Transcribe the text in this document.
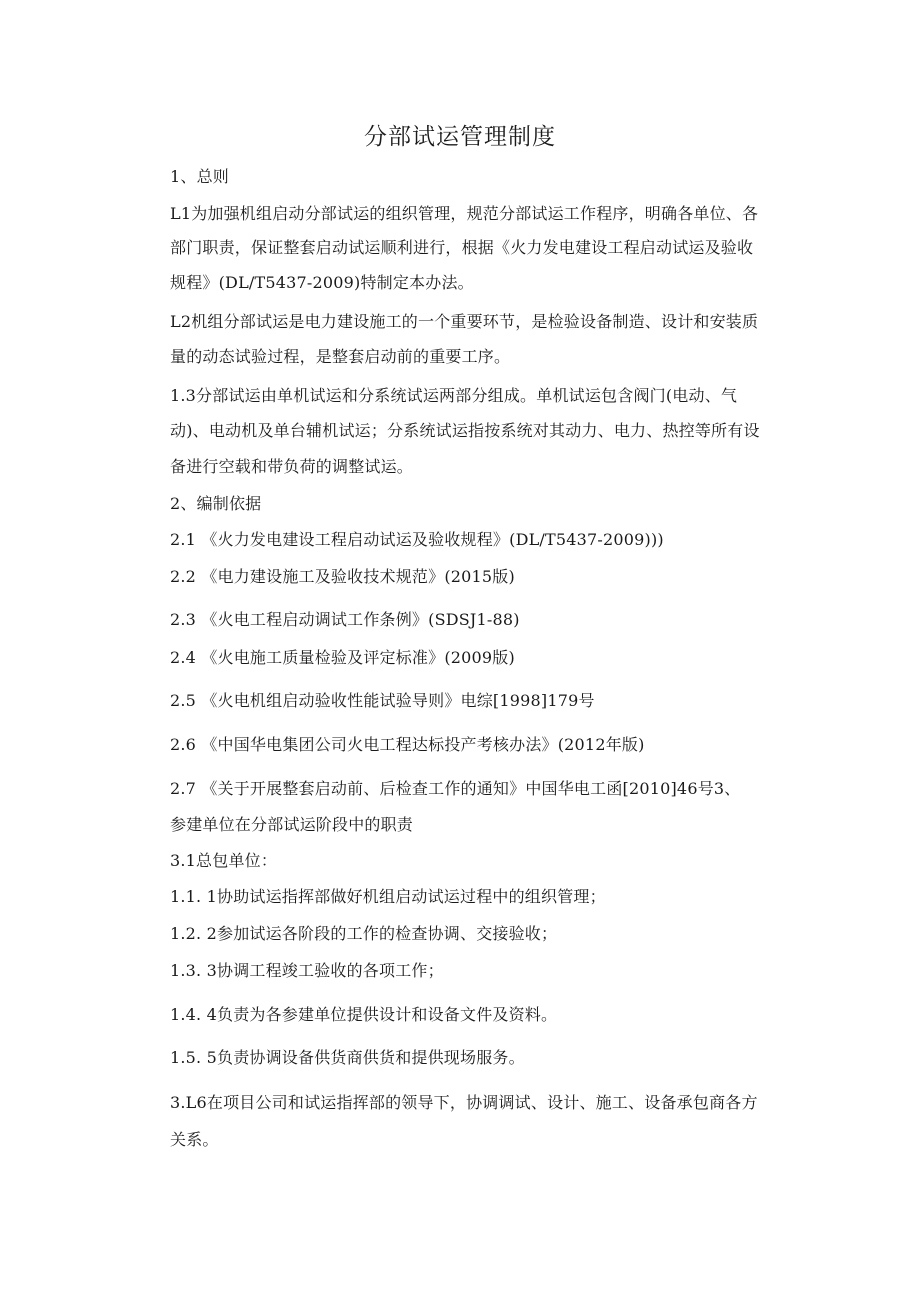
分部试运管理制度
1、总则
L1为加强机组启动分部试运的组织管理，规范分部试运工作程序，明确各单位、各
部门职责，保证整套启动试运顺利进行，根据《火力发电建设工程启动试运及验收
规程》(DL/T5437-2009)特制定本办法。
L2机组分部试运是电力建设施工的一个重要环节，是检验设备制造、设计和安装质
量的动态试验过程，是整套启动前的重要工序。
1.3分部试运由单机试运和分系统试运两部分组成。单机试运包含阀门(电动、气
动)、电动机及单台辅机试运；分系统试运指按系统对其动力、电力、热控等所有设
备进行空载和带负荷的调整试运。
2、编制依据
2.1 《火力发电建设工程启动试运及验收规程》(DL/T5437-2009)))
2.2 《电力建设施工及验收技术规范》(2015版)
2.3 《火电工程启动调试工作条例》(SDSJ1-88)
2.4 《火电施工质量检验及评定标准》(2009版)
2.5 《火电机组启动验收性能试验导则》电综[1998]179号
2.6 《中国华电集团公司火电工程达标投产考核办法》(2012年版)
2.7 《关于开展整套启动前、后检查工作的通知》中国华电工函[2010]46号3、
参建单位在分部试运阶段中的职责
3.1总包单位：
1.1. 1协助试运指挥部做好机组启动试运过程中的组织管理；
1.2. 2参加试运各阶段的工作的检查协调、交接验收；
1.3. 3协调工程竣工验收的各项工作；
1.4. 4负责为各参建单位提供设计和设备文件及资料。
1.5. 5负责协调设备供货商供货和提供现场服务。
3.L6在项目公司和试运指挥部的领导下，协调调试、设计、施工、设备承包商各方
关系。
